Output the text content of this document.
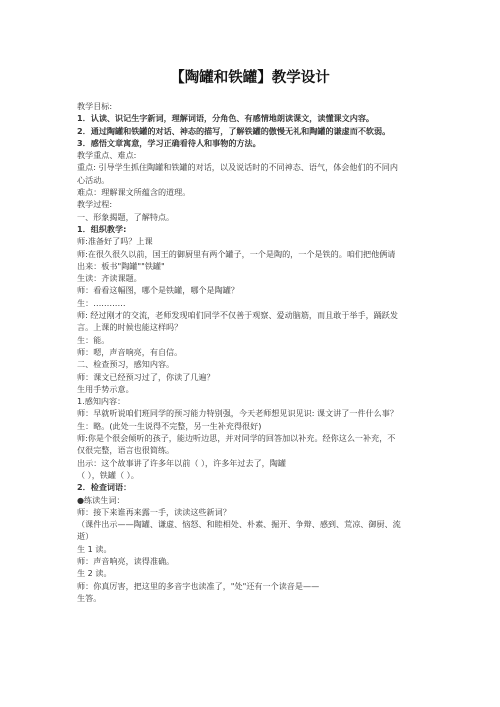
【陶罐和铁罐】教学设计

教学目标:

1．认读、识记生字新词，理解词语，分角色、有感情地朗读课文，读懂课文内容。

2．通过陶罐和铁罐的对话、神态的描写，了解铁罐的傲慢无礼和陶罐的谦虚而不软弱。

3．感悟文章寓意，学习正确看待人和事物的方法。

教学重点、难点:

重点: 引导学生抓住陶罐和铁罐的对话，以及说话时的不同神态、语气，体会他们的不同内

心活动。

难点：理解课文所蕴含的道理。

教学过程:

一、形象揭题，了解特点。

1．组织教学:

师:准备好了吗？上课

师:在很久很久以前，国王的御厨里有两个罐子，一个是陶的，一个是铁的。咱们把他俩请

出来：板书"陶罐""铁罐"

生读：齐读课题。

师：看看这幅图，哪个是铁罐，哪个是陶罐？

生：…………

师: 经过刚才的交流，老师发现咱们同学不仅善于观察、爱动脑筋，而且敢于举手，踊跃发

言。上课的时候也能这样吗？

生：能。

师：嗯，声音响亮，有自信。

二、检查预习，感知内容。

师：课文已经预习过了，你读了几遍？

生用手势示意。

1.感知内容：

师：早就听说咱们班同学的预习能力特别强，今天老师想见识见识: 课文讲了一件什么事？

生：略。(此处一生说得不完整，另一生补充得很好)

师:你是个很会倾听的孩子，能边听边思，并对同学的回答加以补充。经你这么一补充，不

仅很完整，语言也很简练。

出示：这个故事讲了许多年以前（ ），许多年过去了，陶罐

（ ），铁罐（ ）。

2．检查词语：

●练读生词：

师：接下来谁再来露一手，读读这些新词？

（课件出示——陶罐、谦虚、恼怒、和睦相处、朴素、掘开、争辩、感到、荒凉、御厨、流

逝）

生 1 读。

师：声音响亮，读得准确。

生 2 读。

师：你真厉害，把这里的多音字也读准了，"处"还有一个读音是——

生答。
